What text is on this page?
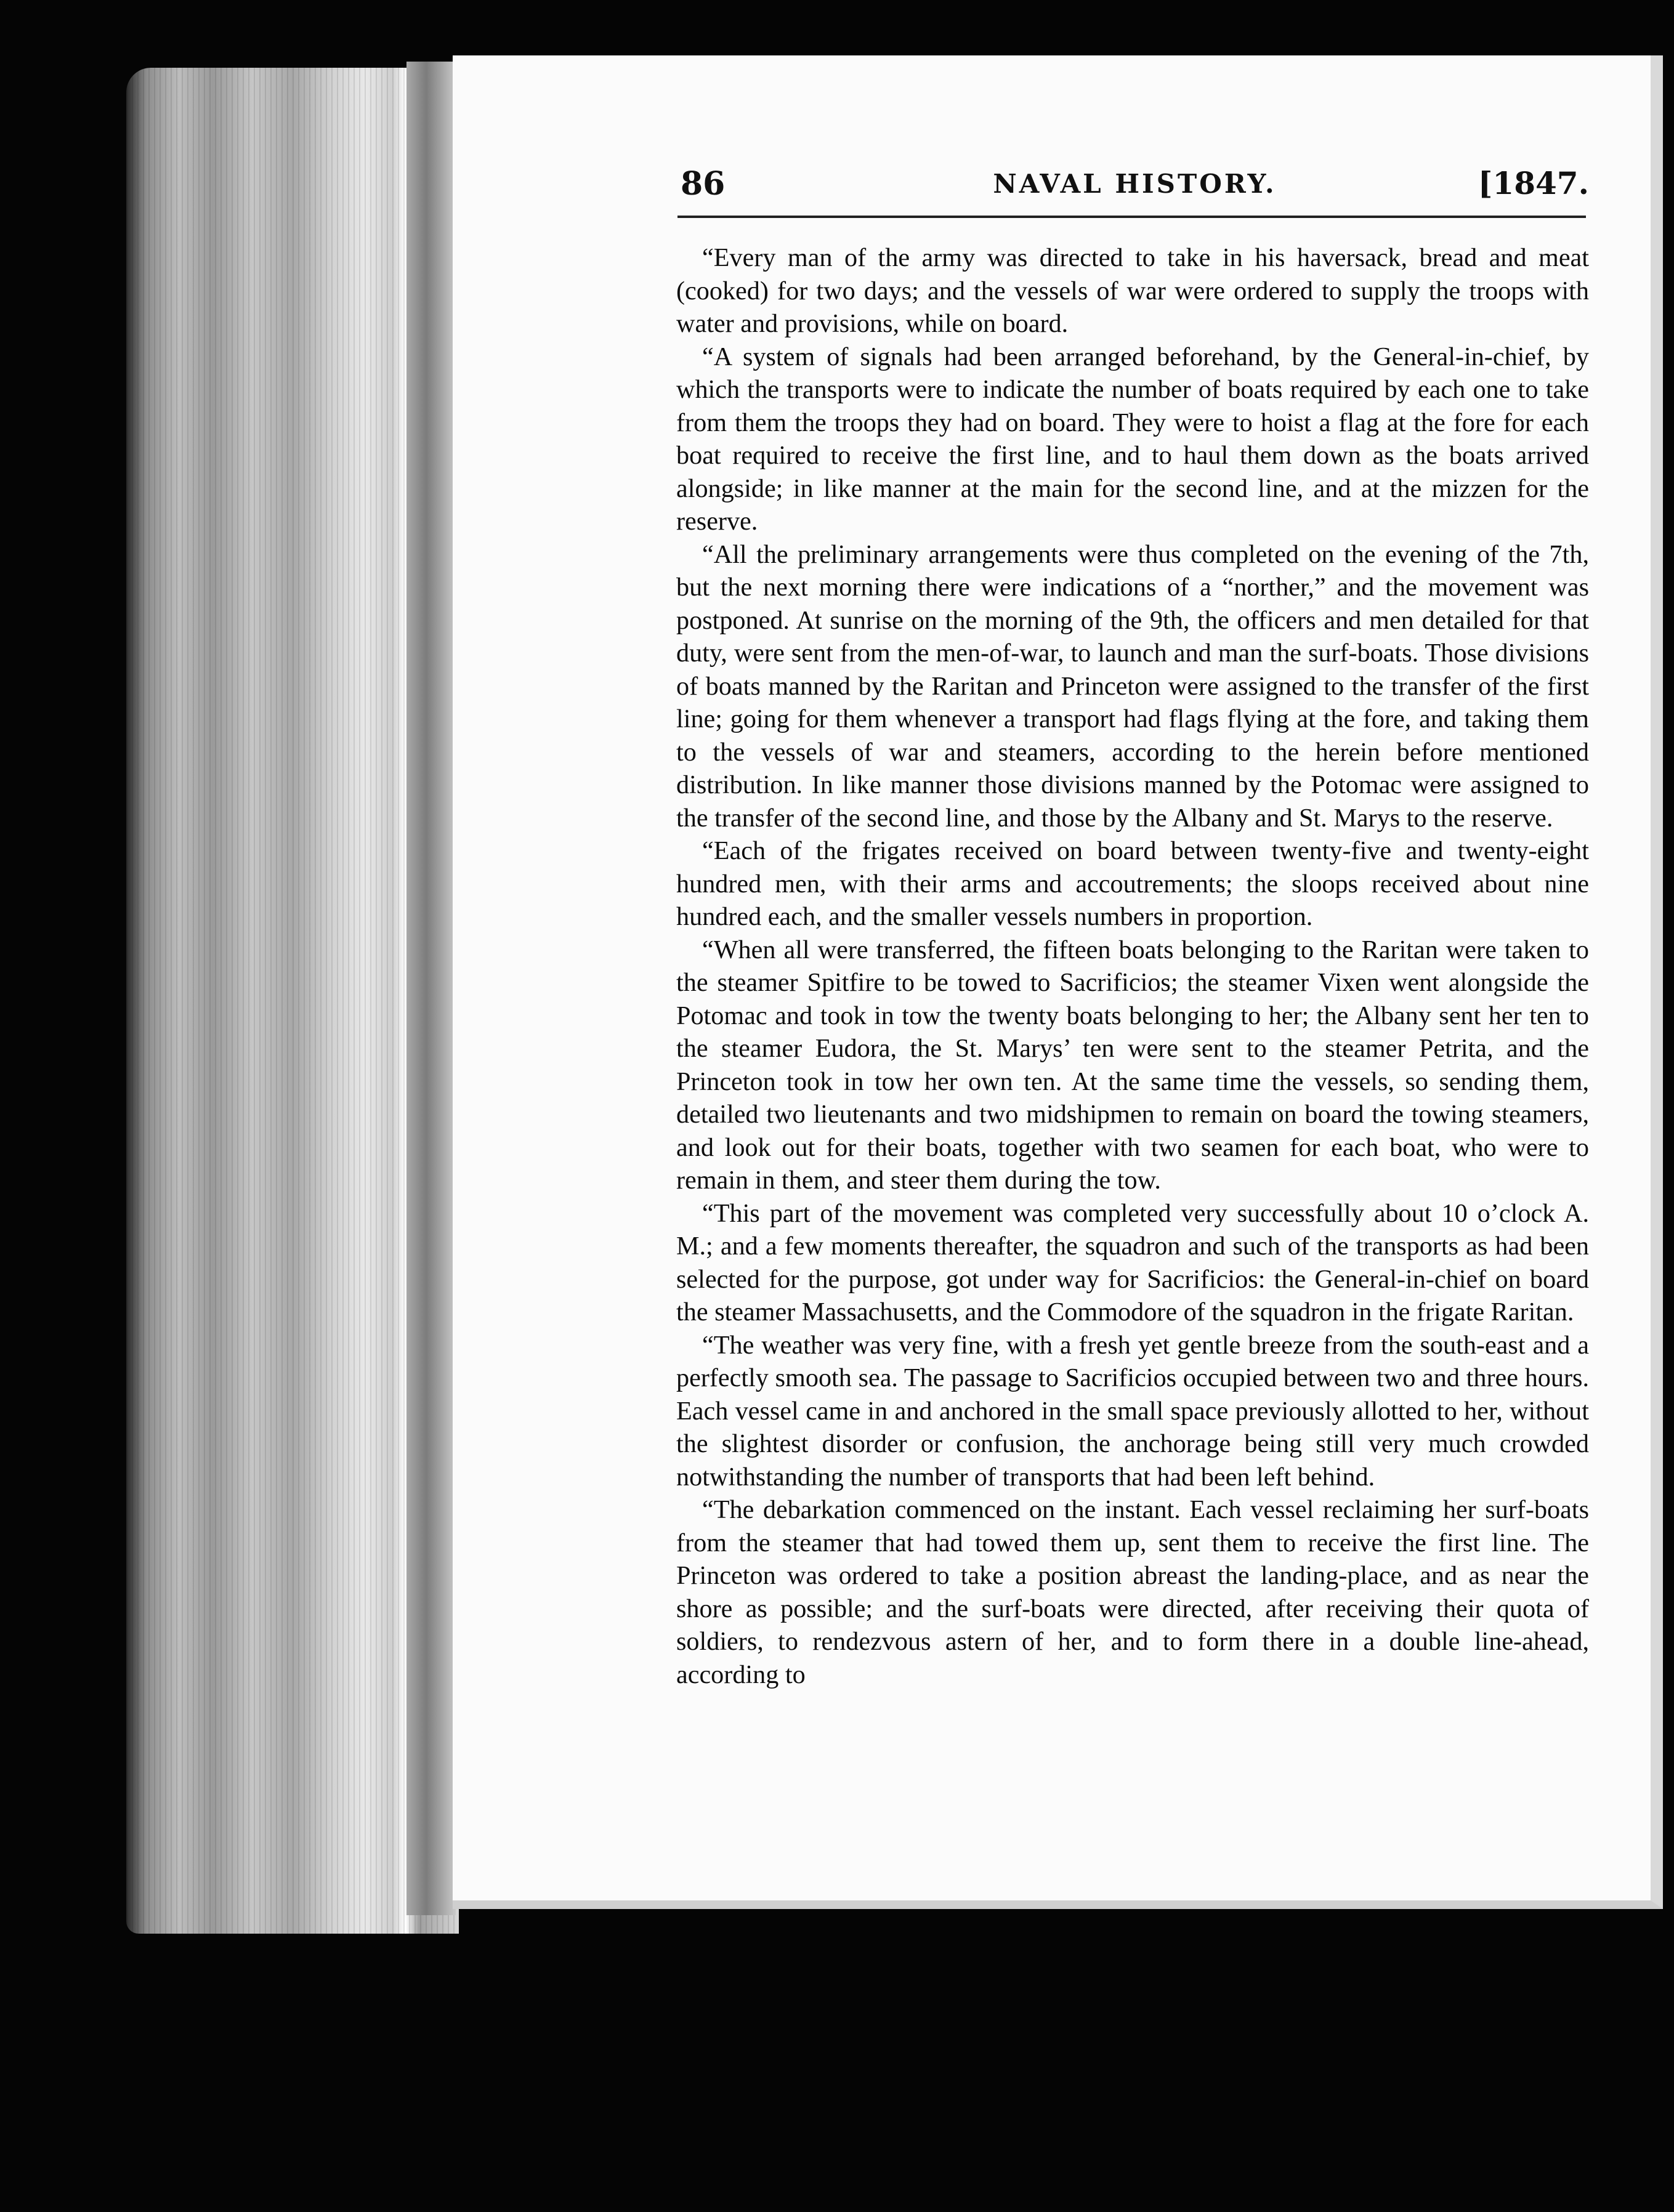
86	NAVAL HISTORY.	[1847.

“Every man of the army was directed to take in his haversack, bread and meat (cooked) for two days; and the vessels of war were ordered to supply the troops with water and provisions, while on board.

“A system of signals had been arranged beforehand, by the General-in-chief, by which the transports were to indicate the number of boats required by each one to take from them the troops they had on board. They were to hoist a flag at the fore for each boat required to receive the first line, and to haul them down as the boats arrived alongside; in like manner at the main for the second line, and at the mizzen for the reserve.

“All the preliminary arrangements were thus completed on the evening of the 7th, but the next morning there were indications of a “norther,” and the movement was postponed. At sunrise on the morning of the 9th, the officers and men detailed for that duty, were sent from the men-of-war, to launch and man the surf-boats. Those divisions of boats manned by the Raritan and Princeton were assigned to the transfer of the first line; going for them whenever a transport had flags flying at the fore, and taking them to the vessels of war and steamers, according to the herein before mentioned distribution. In like manner those divisions manned by the Potomac were assigned to the transfer of the second line, and those by the Albany and St. Marys to the reserve.

“Each of the frigates received on board between twenty-five and twenty-eight hundred men, with their arms and accoutrements; the sloops received about nine hundred each, and the smaller vessels numbers in proportion.

“When all were transferred, the fifteen boats belonging to the Raritan were taken to the steamer Spitfire to be towed to Sacrificios; the steamer Vixen went alongside the Potomac and took in tow the twenty boats belonging to her; the Albany sent her ten to the steamer Eudora, the St. Marys’ ten were sent to the steamer Petrita, and the Princeton took in tow her own ten. At the same time the vessels, so sending them, detailed two lieutenants and two midshipmen to remain on board the towing steamers, and look out for their boats, together with two seamen for each boat, who were to remain in them, and steer them during the tow.

“This part of the movement was completed very successfully about 10 o’clock A. M.; and a few moments thereafter, the squadron and such of the transports as had been selected for the purpose, got under way for Sacrificios: the General-in-chief on board the steamer Massachusetts, and the Commodore of the squadron in the frigate Raritan.

“The weather was very fine, with a fresh yet gentle breeze from the south-east and a perfectly smooth sea. The passage to Sacrificios occupied between two and three hours. Each vessel came in and anchored in the small space previously allotted to her, without the slightest disorder or confusion, the anchorage being still very much crowded notwithstanding the number of transports that had been left behind.

“The debarkation commenced on the instant. Each vessel reclaiming her surf-boats from the steamer that had towed them up, sent them to receive the first line. The Princeton was ordered to take a position abreast the landing-place, and as near the shore as possible; and the surf-boats were directed, after receiving their quota of soldiers, to rendezvous astern of her, and to form there in a double line-ahead, according to
